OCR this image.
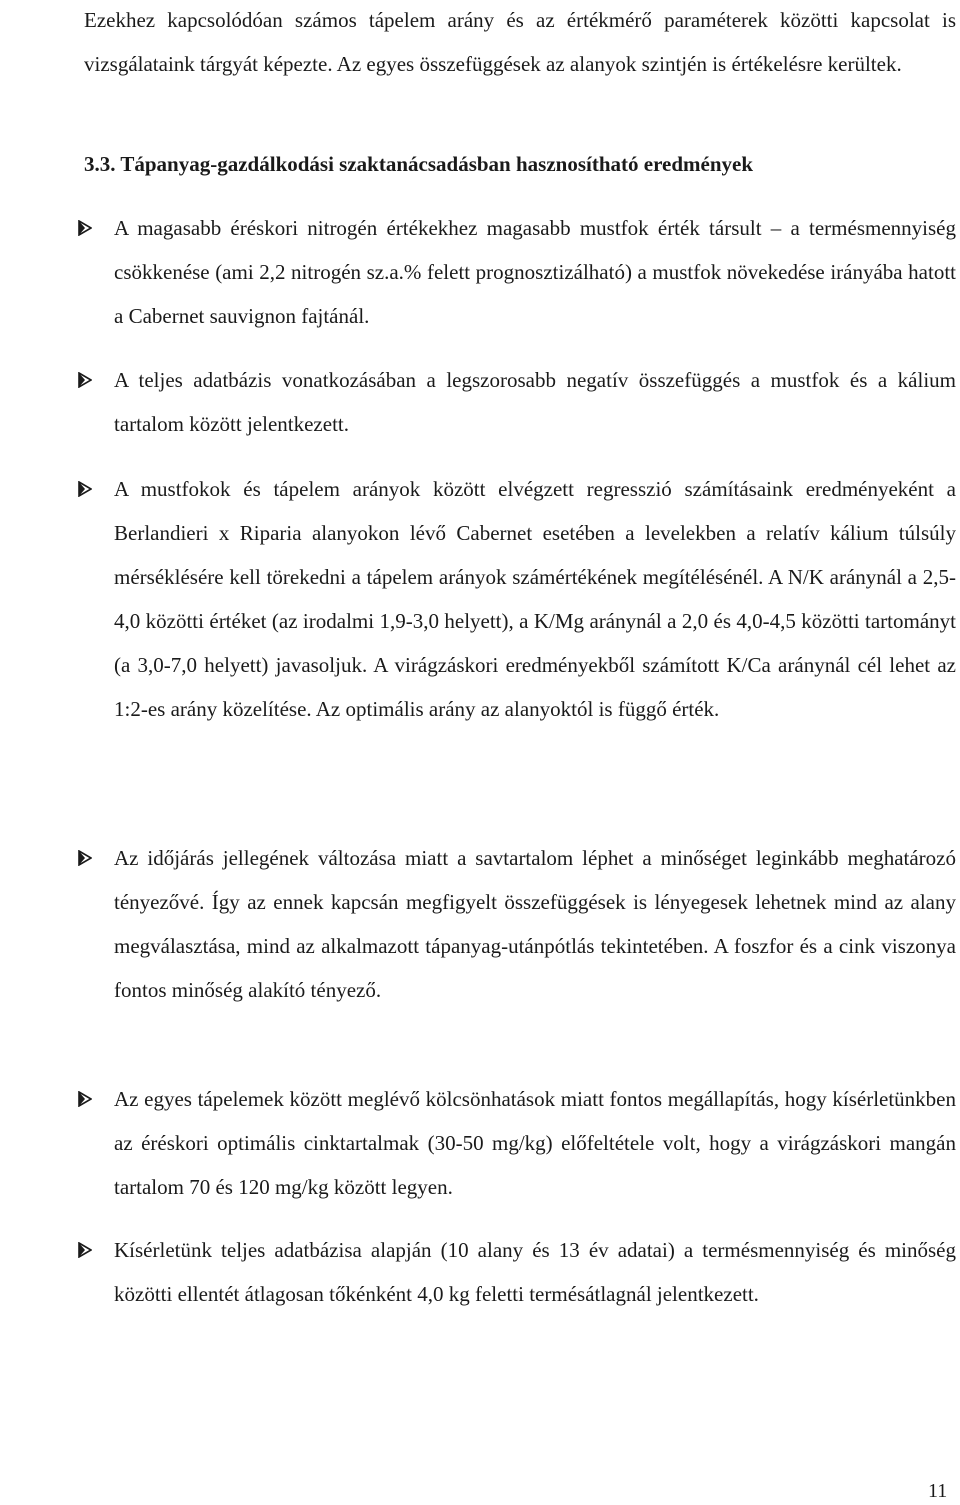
Ezekhez kapcsolódóan számos tápelem arány és az értékmérő paraméterek közötti kapcsolat is vizsgálataink tárgyát képezte. Az egyes összefüggések az alanyok szintjén is értékelésre kerültek.

3.3. Tápanyag-gazdálkodási szaktanácsadásban hasznosítható eredmények

A magasabb éréskori nitrogén értékekhez magasabb mustfok érték társult – a termésmennyiség csökkenése (ami 2,2 nitrogén sz.a.% felett prognosztizálható) a mustfok növekedése irányába hatott a Cabernet sauvignon fajtánál.

A teljes adatbázis vonatkozásában a legszorosabb negatív összefüggés a mustfok és a kálium tartalom között jelentkezett.

A mustfokok és tápelem arányok között elvégzett regresszió számításaink eredményeként a Berlandieri x Riparia alanyokon lévő Cabernet esetében a levelekben a relatív kálium túlsúly mérséklésére kell törekedni a tápelem arányok számértékének megítélésénél. A N/K aránynál a 2,5-4,0 közötti értéket (az irodalmi 1,9-3,0 helyett), a K/Mg aránynál a 2,0 és 4,0-4,5 közötti tartományt (a 3,0-7,0 helyett) javasoljuk. A virágzáskori eredményekből számított K/Ca aránynál cél lehet az 1:2-es arány közelítése. Az optimális arány az alanyoktól is függő érték.

Az időjárás jellegének változása miatt a savtartalom léphet a minőséget leginkább meghatározó tényezővé. Így az ennek kapcsán megfigyelt összefüggések is lényegesek lehetnek mind az alany megválasztása, mind az alkalmazott tápanyag-utánpótlás tekintetében. A foszfor és a cink viszonya fontos minőség alakító tényező.

Az egyes tápelemek között meglévő kölcsönhatások miatt fontos megállapítás, hogy kísérletünkben az éréskori optimális cinktartalmak (30-50 mg/kg) előfeltétele volt, hogy a virágzáskori mangán tartalom 70 és 120 mg/kg között legyen.

Kísérletünk teljes adatbázisa alapján (10 alany és 13 év adatai) a termésmennyiség és minőség közötti ellentét átlagosan tőkénként 4,0 kg feletti termésátlagnál jelentkezett.

11
